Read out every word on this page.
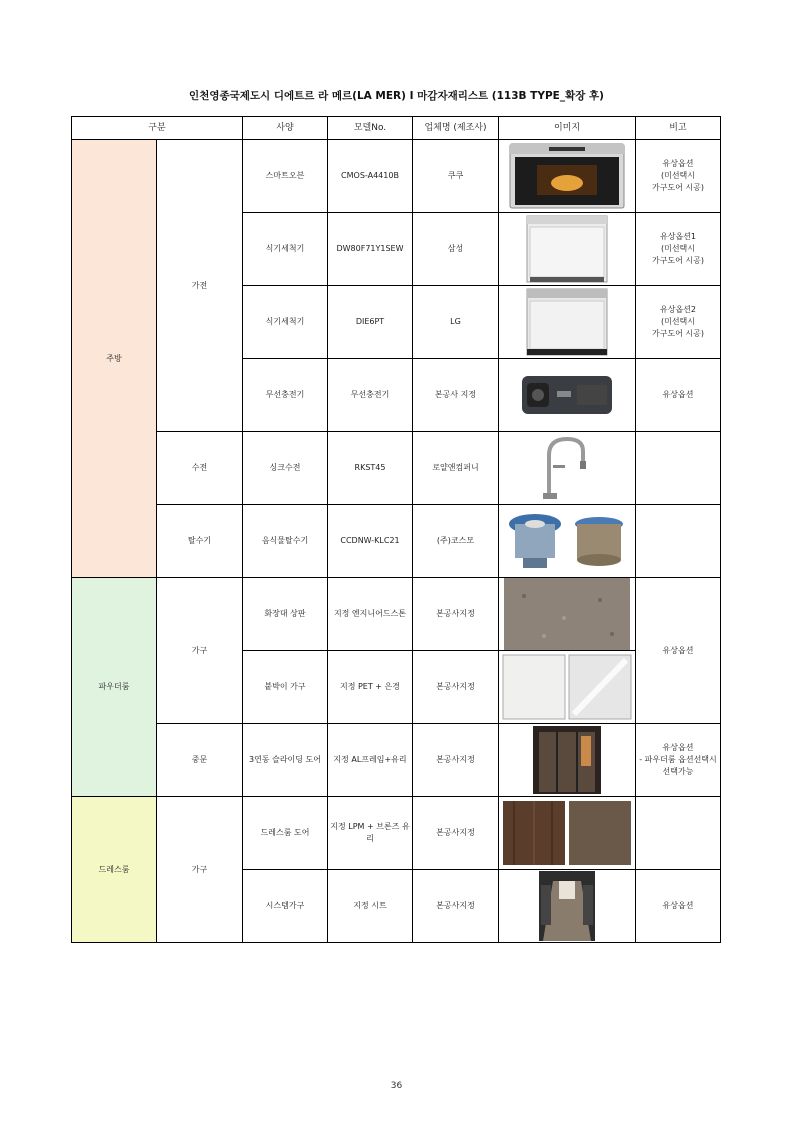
인천영종국제도시 디에트르 라 메르(LA MER) I 마감자재리스트 (113B TYPE_확장 후)
구분		사양	모델No.	업체명 (제조사)	이미지	비고
주방	가전	스마트오븐	CMOS-A4410B	쿠쿠		유상옵션
(미선택시
가구도어 시공)

		식기세척기	DW80F71Y1SEW	삼성		유상옵션1
(미선택시
가구도어 시공)

		식기세척기	DIE6PT	LG		유상옵션2
(미선택시
가구도어 시공)

		무선충전기	무선충전기	본공사 지정		유상옵션

	수전	싱크수전	RKST45	로얄앤컴퍼니	

	탈수기	음식물탈수기	CCDNW-KLC21	(주)코스모	

파우더룸	가구	화장대 상판	지정 엔지니어드스톤	본공사지정		유상옵션
		붙박이 가구	지정 PET + 은경	본공사지정	

	중문	3연동 슬라이딩 도어	지정 AL프레임+유리	본공사지정		유상옵션
- 파우더룸 옵션선택시
선택가능

드레스룸	가구	드레스룸 도어	지정 LPM + 브론즈 유리	본공사지정	

		시스템가구	지정 시트	본공사지정		유상옵션
36
